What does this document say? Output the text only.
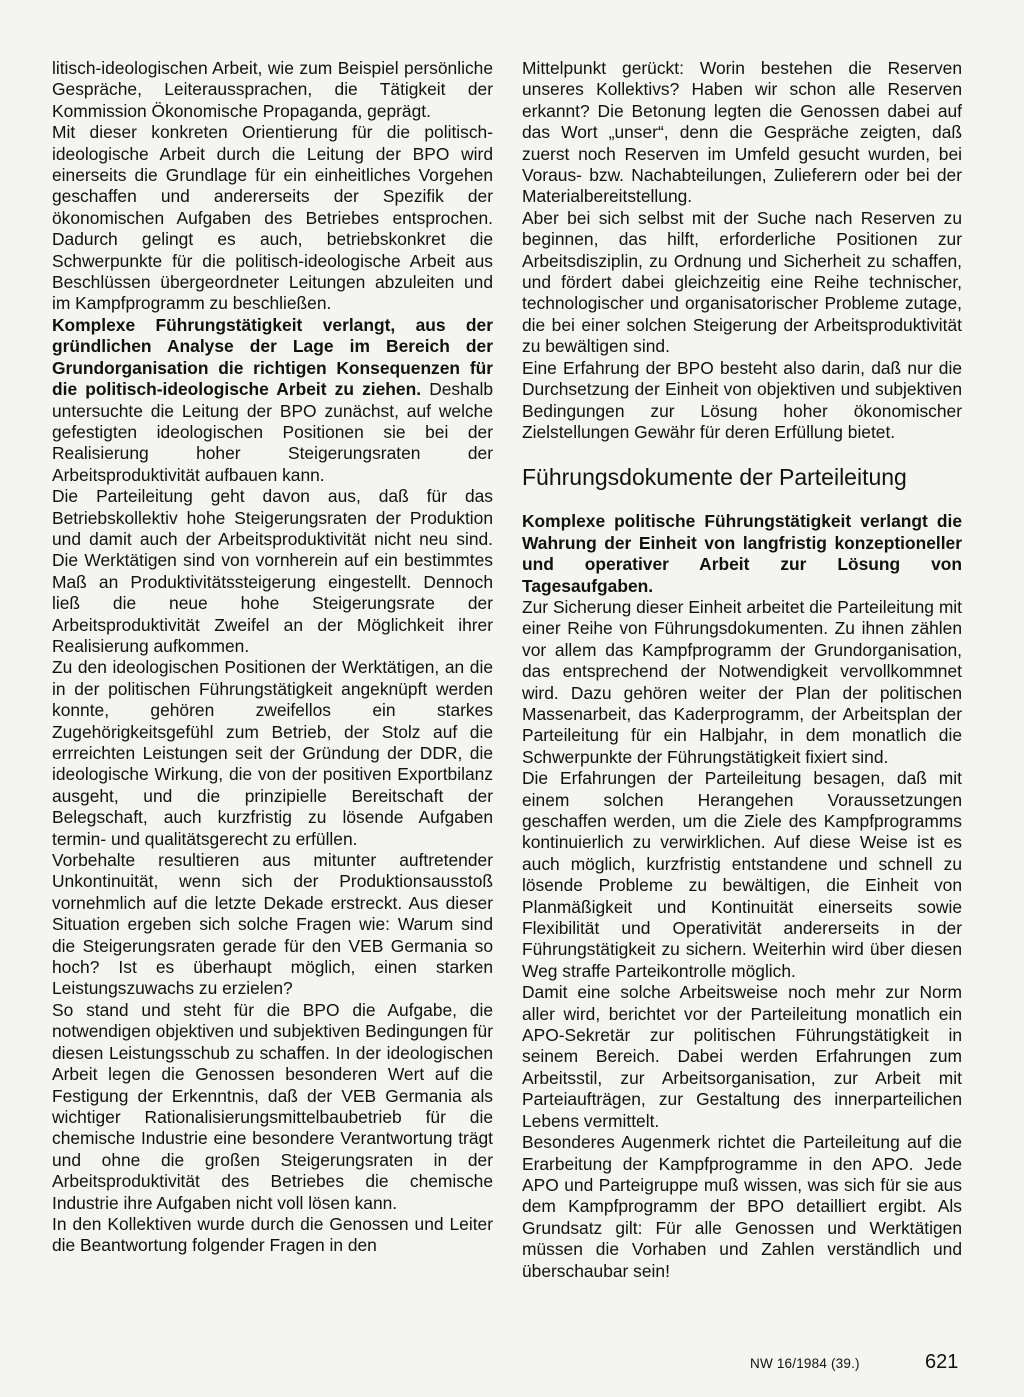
litisch-ideologischen Arbeit, wie zum Beispiel persönliche Gespräche, Leiteraussprachen, die Tätigkeit der Kommission Ökonomische Propaganda, geprägt.

Mit dieser konkreten Orientierung für die politisch-ideologische Arbeit durch die Leitung der BPO wird einerseits die Grundlage für ein einheitliches Vorgehen geschaffen und andererseits der Spezifik der ökonomischen Aufgaben des Betriebes entsprochen. Dadurch gelingt es auch, betriebskonkret die Schwerpunkte für die politisch-ideologische Arbeit aus Beschlüssen übergeordneter Leitungen abzuleiten und im Kampfprogramm zu beschließen.

Komplexe Führungstätigkeit verlangt, aus der gründlichen Analyse der Lage im Bereich der Grundorganisation die richtigen Konsequenzen für die politisch-ideologische Arbeit zu ziehen. Deshalb untersuchte die Leitung der BPO zunächst, auf welche gefestigten ideologischen Positionen sie bei der Realisierung hoher Steigerungsraten der Arbeitsproduktivität aufbauen kann.

Die Parteileitung geht davon aus, daß für das Betriebskollektiv hohe Steigerungsraten der Produktion und damit auch der Arbeitsproduktivität nicht neu sind. Die Werktätigen sind von vornherein auf ein bestimmtes Maß an Produktivitätssteigerung eingestellt. Dennoch ließ die neue hohe Steigerungsrate der Arbeitsproduktivität Zweifel an der Möglichkeit ihrer Realisierung aufkommen.

Zu den ideologischen Positionen der Werktätigen, an die in der politischen Führungstätigkeit angeknüpft werden konnte, gehören zweifellos ein starkes Zugehörigkeitsgefühl zum Betrieb, der Stolz auf die errreichten Leistungen seit der Gründung der DDR, die ideologische Wirkung, die von der positiven Exportbilanz ausgeht, und die prinzipielle Bereitschaft der Belegschaft, auch kurzfristig zu lösende Aufgaben termin- und qualitätsgerecht zu erfüllen.

Vorbehalte resultieren aus mitunter auftretender Unkontinuität, wenn sich der Produktionsausstoß vornehmlich auf die letzte Dekade erstreckt. Aus dieser Situation ergeben sich solche Fragen wie: Warum sind die Steigerungsraten gerade für den VEB Germania so hoch? Ist es überhaupt möglich, einen starken Leistungszuwachs zu erzielen?

So stand und steht für die BPO die Aufgabe, die notwendigen objektiven und subjektiven Bedingungen für diesen Leistungsschub zu schaffen. In der ideologischen Arbeit legen die Genossen besonderen Wert auf die Festigung der Erkenntnis, daß der VEB Germania als wichtiger Rationalisierungsmittelbaubetrieb für die chemische Industrie eine besondere Verantwortung trägt und ohne die großen Steigerungsraten in der Arbeitsproduktivität des Betriebes die chemische Industrie ihre Aufgaben nicht voll lösen kann.

In den Kollektiven wurde durch die Genossen und Leiter die Beantwortung folgender Fragen in den

Mittelpunkt gerückt: Worin bestehen die Reserven unseres Kollektivs? Haben wir schon alle Reserven erkannt? Die Betonung legten die Genossen dabei auf das Wort „unser“, denn die Gespräche zeigten, daß zuerst noch Reserven im Umfeld gesucht wurden, bei Voraus- bzw. Nachabteilungen, Zulieferern oder bei der Materialbereitstellung.

Aber bei sich selbst mit der Suche nach Reserven zu beginnen, das hilft, erforderliche Positionen zur Arbeitsdisziplin, zu Ordnung und Sicherheit zu schaffen, und fördert dabei gleichzeitig eine Reihe technischer, technologischer und organisatorischer Probleme zutage, die bei einer solchen Steigerung der Arbeitsproduktivität zu bewältigen sind.

Eine Erfahrung der BPO besteht also darin, daß nur die Durchsetzung der Einheit von objektiven und subjektiven Bedingungen zur Lösung hoher ökonomischer Zielstellungen Gewähr für deren Erfüllung bietet.

Führungsdokumente der Parteileitung

Komplexe politische Führungstätigkeit verlangt die Wahrung der Einheit von langfristig konzeptioneller und operativer Arbeit zur Lösung von Tagesaufgaben.

Zur Sicherung dieser Einheit arbeitet die Parteileitung mit einer Reihe von Führungsdokumenten. Zu ihnen zählen vor allem das Kampfprogramm der Grundorganisation, das entsprechend der Notwendigkeit vervollkommnet wird. Dazu gehören weiter der Plan der politischen Massenarbeit, das Kaderprogramm, der Arbeitsplan der Parteileitung für ein Halbjahr, in dem monatlich die Schwerpunkte der Führungstätigkeit fixiert sind.

Die Erfahrungen der Parteileitung besagen, daß mit einem solchen Herangehen Voraussetzungen geschaffen werden, um die Ziele des Kampfprogramms kontinuierlich zu verwirklichen. Auf diese Weise ist es auch möglich, kurzfristig entstandene und schnell zu lösende Probleme zu bewältigen, die Einheit von Planmäßigkeit und Kontinuität einerseits sowie Flexibilität und Operativität andererseits in der Führungstätigkeit zu sichern. Weiterhin wird über diesen Weg straffe Parteikontrolle möglich.

Damit eine solche Arbeitsweise noch mehr zur Norm aller wird, berichtet vor der Parteileitung monatlich ein APO-Sekretär zur politischen Führungstätigkeit in seinem Bereich. Dabei werden Erfahrungen zum Arbeitsstil, zur Arbeitsorganisation, zur Arbeit mit Parteiaufträgen, zur Gestaltung des innerparteilichen Lebens vermittelt.

Besonderes Augenmerk richtet die Parteileitung auf die Erarbeitung der Kampfprogramme in den APO. Jede APO und Parteigruppe muß wissen, was sich für sie aus dem Kampfprogramm der BPO detailliert ergibt. Als Grundsatz gilt: Für alle Genossen und Werktätigen müssen die Vorhaben und Zahlen verständlich und überschaubar sein!

NW 16/1984 (39.)	621
